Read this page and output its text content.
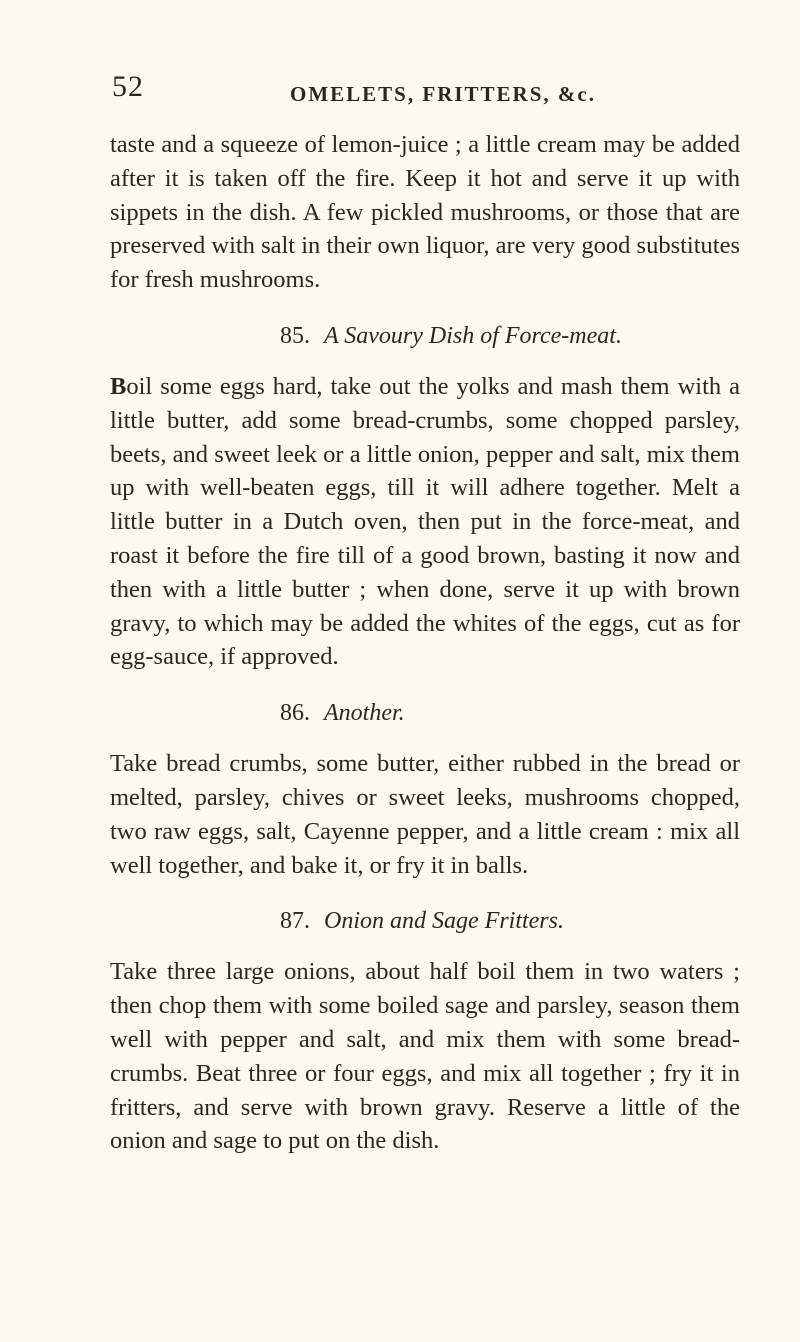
52	OMELETS, FRITTERS, &c.

taste and a squeeze of lemon-juice ; a little cream may be added after it is taken off the fire. Keep it hot and serve it up with sippets in the dish. A few pickled mushrooms, or those that are preserved with salt in their own liquor, are very good substitutes for fresh mushrooms.

85. A Savoury Dish of Force-meat.

Boil some eggs hard, take out the yolks and mash them with a little butter, add some bread-crumbs, some chopped parsley, beets, and sweet leek or a little onion, pepper and salt, mix them up with well-beaten eggs, till it will adhere together. Melt a little butter in a Dutch oven, then put in the force-meat, and roast it before the fire till of a good brown, basting it now and then with a little butter ; when done, serve it up with brown gravy, to which may be added the whites of the eggs, cut as for egg-sauce, if approved.

86. Another.

Take bread crumbs, some butter, either rubbed in the bread or melted, parsley, chives or sweet leeks, mushrooms chopped, two raw eggs, salt, Cayenne pepper, and a little cream : mix all well together, and bake it, or fry it in balls.

87. Onion and Sage Fritters.

Take three large onions, about half boil them in two waters ; then chop them with some boiled sage and parsley, season them well with pepper and salt, and mix them with some bread-crumbs. Beat three or four eggs, and mix all together ; fry it in fritters, and serve with brown gravy. Reserve a little of the onion and sage to put on the dish.
